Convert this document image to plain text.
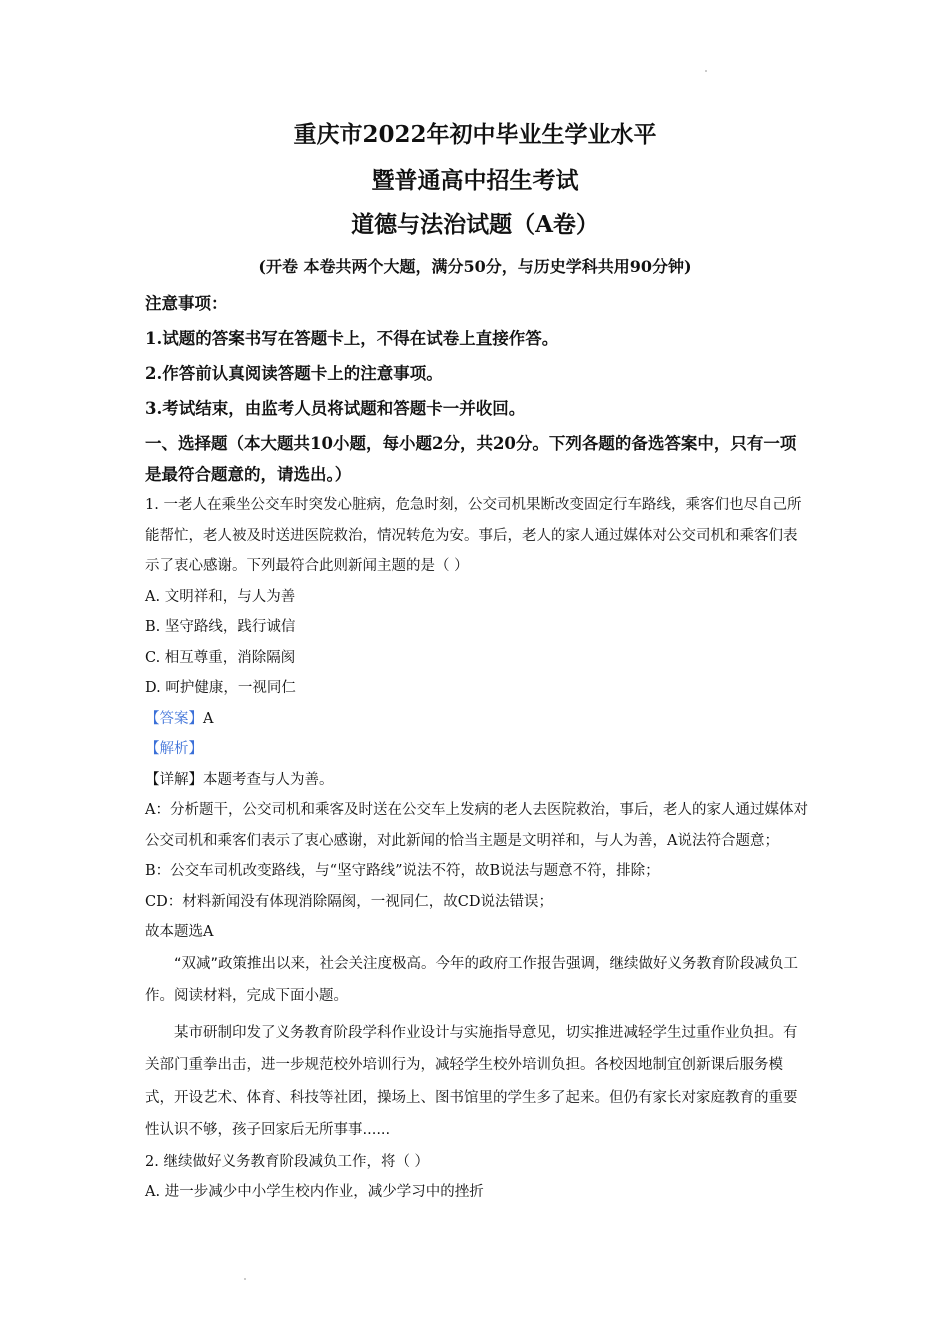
重庆市2022年初中毕业生学业水平
暨普通高中招生考试
道德与法治试题（A卷）
(开卷 本卷共两个大题，满分50分，与历史学科共用90分钟)
注意事项：
1.试题的答案书写在答题卡上，不得在试卷上直接作答。
2.作答前认真阅读答题卡上的注意事项。
3.考试结束，由监考人员将试题和答题卡一并收回。
一、选择题（本大题共10小题，每小题2分，共20分。下列各题的备选答案中，只有一项是最符合题意的，请选出。）
1. 一老人在乘坐公交车时突发心脏病，危急时刻，公交司机果断改变固定行车路线，乘客们也尽自己所能帮忙，老人被及时送进医院救治，情况转危为安。事后，老人的家人通过媒体对公交司机和乘客们表示了衷心感谢。下列最符合此则新闻主题的是（ ）
A. 文明祥和，与人为善
B. 坚守路线，践行诚信
C. 相互尊重，消除隔阂
D. 呵护健康，一视同仁
【答案】A
【解析】
【详解】本题考查与人为善。
A：分析题干，公交司机和乘客及时送在公交车上发病的老人去医院救治，事后，老人的家人通过媒体对公交司机和乘客们表示了衷心感谢，对此新闻的恰当主题是文明祥和，与人为善，A说法符合题意；
B：公交车司机改变路线，与“坚守路线”说法不符，故B说法与题意不符，排除；
CD：材料新闻没有体现消除隔阂，一视同仁，故CD说法错误；
故本题选A
“双减”政策推出以来，社会关注度极高。今年的政府工作报告强调，继续做好义务教育阶段减负工作。阅读材料，完成下面小题。
某市研制印发了义务教育阶段学科作业设计与实施指导意见，切实推进减轻学生过重作业负担。有关部门重拳出击，进一步规范校外培训行为，减轻学生校外培训负担。各校因地制宜创新课后服务模式，开设艺术、体育、科技等社团，操场上、图书馆里的学生多了起来。但仍有家长对家庭教育的重要性认识不够，孩子回家后无所事事......
2. 继续做好义务教育阶段减负工作，将（ ）
A. 进一步减少中小学生校内作业，减少学习中的挫折
